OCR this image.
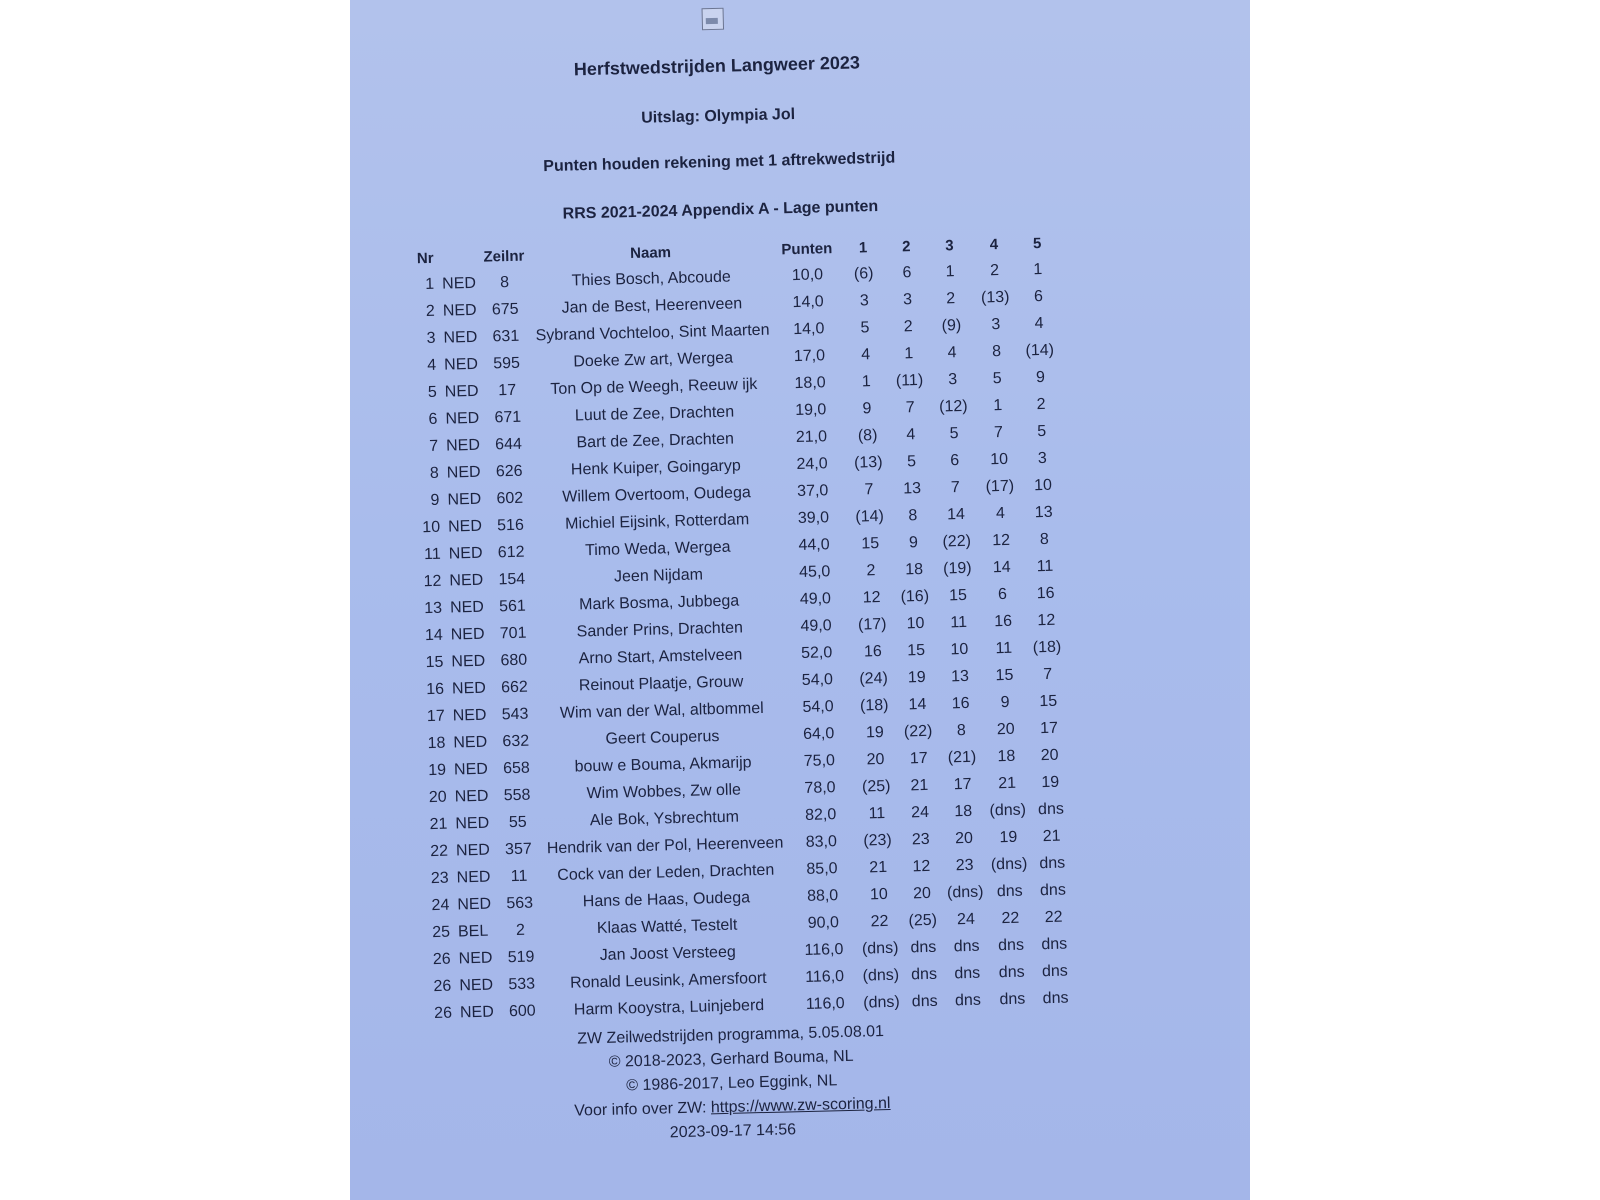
Herfstwedstrijden Langweer 2023
Uitslag: Olympia Jol
Punten houden rekening met 1 aftrekwedstrijd
RRS 2021-2024 Appendix A - Lage punten
Nr		Zeilnr	Naam	Punten	1	2	3	4	5
1	NED	8	Thies Bosch, Abcoude	10,0	(6)	6	1	2	1
2	NED	675	Jan de Best, Heerenveen	14,0	3	3	2	(13)	6
3	NED	631	Sybrand Vochteloo, Sint Maarten	14,0	5	2	(9)	3	4
4	NED	595	Doeke Zw art, Wergea	17,0	4	1	4	8	(14)
5	NED	17	Ton Op de Weegh, Reeuw ijk	18,0	1	(11)	3	5	9
6	NED	671	Luut de Zee, Drachten	19,0	9	7	(12)	1	2
7	NED	644	Bart de Zee, Drachten	21,0	(8)	4	5	7	5
8	NED	626	Henk Kuiper, Goingaryp	24,0	(13)	5	6	10	3
9	NED	602	Willem Overtoom, Oudega	37,0	7	13	7	(17)	10
10	NED	516	Michiel Eijsink, Rotterdam	39,0	(14)	8	14	4	13
11	NED	612	Timo Weda, Wergea	44,0	15	9	(22)	12	8
12	NED	154	Jeen Nijdam	45,0	2	18	(19)	14	11
13	NED	561	Mark Bosma, Jubbega	49,0	12	(16)	15	6	16
14	NED	701	Sander Prins, Drachten	49,0	(17)	10	11	16	12
15	NED	680	Arno Start, Amstelveen	52,0	16	15	10	11	(18)
16	NED	662	Reinout Plaatje, Grouw	54,0	(24)	19	13	15	7
17	NED	543	Wim van der Wal, altbommel	54,0	(18)	14	16	9	15
18	NED	632	Geert Couperus	64,0	19	(22)	8	20	17
19	NED	658	bouw e Bouma, Akmarijp	75,0	20	17	(21)	18	20
20	NED	558	Wim Wobbes, Zw olle	78,0	(25)	21	17	21	19
21	NED	55	Ale Bok, Ysbrechtum	82,0	11	24	18	(dns)	dns
22	NED	357	Hendrik van der Pol, Heerenveen	83,0	(23)	23	20	19	21
23	NED	11	Cock van der Leden, Drachten	85,0	21	12	23	(dns)	dns
24	NED	563	Hans de Haas, Oudega	88,0	10	20	(dns)	dns	dns
25	BEL	2	Klaas Watté, Testelt	90,0	22	(25)	24	22	22
26	NED	519	Jan Joost Versteeg	116,0	(dns)	dns	dns	dns	dns
26	NED	533	Ronald Leusink, Amersfoort	116,0	(dns)	dns	dns	dns	dns
26	NED	600	Harm Kooystra, Luinjeberd	116,0	(dns)	dns	dns	dns	dns
ZW Zeilwedstrijden programma, 5.05.08.01
© 2018-2023, Gerhard Bouma, NL
© 1986-2017, Leo Eggink, NL
Voor info over ZW: https://www.zw-scoring.nl
2023-09-17 14:56
